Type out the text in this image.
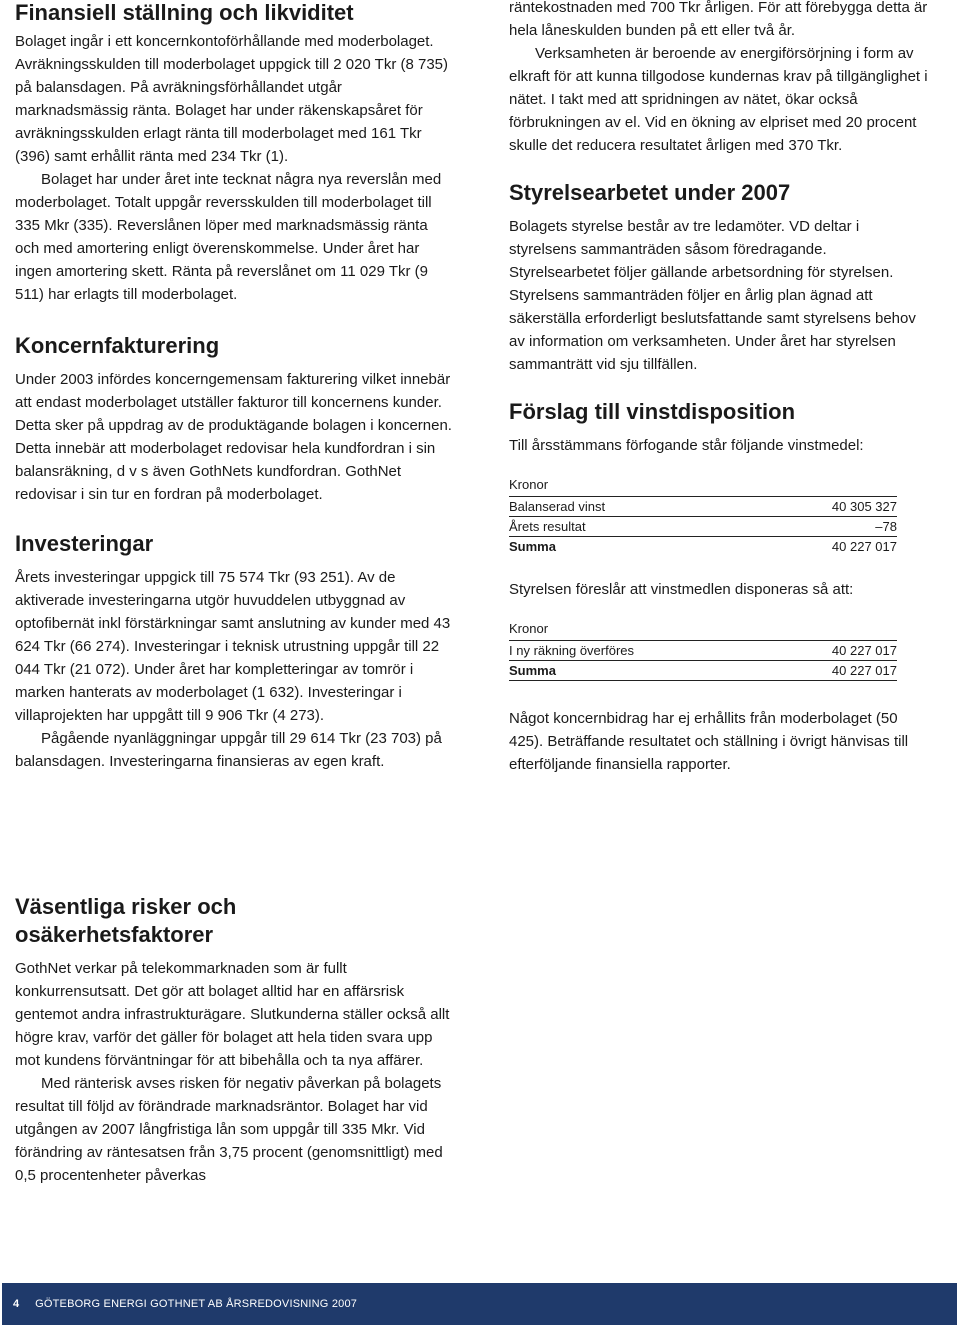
Finansiell ställning och likviditet

Bolaget ingår i ett koncernkontoförhållande med moderbolaget. Avräkningsskulden till moderbolaget uppgick till 2 020 Tkr (8 735) på balansdagen. På avräkningsförhållandet utgår marknadsmässig ränta. Bolaget har under räkenskapsåret för avräkningsskulden erlagt ränta till moderbolaget med 161 Tkr (396) samt erhållit ränta med 234 Tkr (1).

Bolaget har under året inte tecknat några nya reverslån med moderbolaget. Totalt uppgår reversskulden till moderbolaget till 335 Mkr (335). Reverslånen löper med marknadsmässig ränta och med amortering enligt överenskommelse. Under året har ingen amortering skett. Ränta på reverslånet om 11 029 Tkr (9 511) har erlagts till moderbolaget.

Koncernfakturering

Under 2003 infördes koncerngemensam fakturering vilket innebär att endast moderbolaget utställer fakturor till koncernens kunder. Detta sker på uppdrag av de produktägande bolagen i koncernen. Detta innebär att moderbolaget redovisar hela kundfordran i sin balansräkning, d v s även GothNets kundfordran. GothNet redovisar i sin tur en fordran på moderbolaget.

Investeringar

Årets investeringar uppgick till 75 574 Tkr (93 251). Av de aktiverade investeringarna utgör huvuddelen utbyggnad av optofibernät inkl förstärkningar samt anslutning av kunder med 43 624 Tkr (66 274). Investeringar i teknisk utrustning uppgår till 22 044 Tkr (21 072). Under året har kompletteringar av tomrör i marken hanterats av moderbolaget (1 632). Investeringar i villaprojekten har uppgått till 9 906 Tkr (4 273).

Pågående nyanläggningar uppgår till 29 614 Tkr (23 703) på balansdagen. Investeringarna finansieras av egen kraft.

Väsentliga risker och osäkerhetsfaktorer

GothNet verkar på telekommarknaden som är fullt konkurrensutsatt. Det gör att bolaget alltid har en affärsrisk gentemot andra infrastrukturägare. Slutkunderna ställer också allt högre krav, varför det gäller för bolaget att hela tiden svara upp mot kundens förväntningar för att bibehålla och ta nya affärer.

Med ränterisk avses risken för negativ påverkan på bolagets resultat till följd av förändrade marknadsräntor. Bolaget har vid utgången av 2007 långfristiga lån som uppgår till 335 Mkr. Vid förändring av räntesatsen från 3,75 procent (genomsnittligt) med 0,5 procentenheter påverkas

räntekostnaden med 700 Tkr årligen. För att förebygga detta är hela låneskulden bunden på ett eller två år.

Verksamheten är beroende av energiförsörjning i form av elkraft för att kunna tillgodose kundernas krav på tillgänglighet i nätet. I takt med att spridningen av nätet, ökar också förbrukningen av el. Vid en ökning av elpriset med 20 procent skulle det reducera resultatet årligen med 370 Tkr.

Styrelsearbetet under 2007

Bolagets styrelse består av tre ledamöter. VD deltar i styrelsens sammanträden såsom föredragande. Styrelsearbetet följer gällande arbetsordning för styrelsen. Styrelsens sammanträden följer en årlig plan ägnad att säkerställa erforderligt beslutsfattande samt styrelsens behov av information om verksamheten. Under året har styrelsen sammanträtt vid sju tillfällen.

Förslag till vinstdisposition

Till årsstämmans förfogande står följande vinstmedel:

Kronor	
Balanserad vinst	40 305 327
Årets resultat	–78
Summa	40 227 017

Styrelsen föreslår att vinstmedlen disponeras så att:

Kronor	
I ny räkning överföres	40 227 017
Summa	40 227 017

Något koncernbidrag har ej erhållits från moderbolaget (50 425). Beträffande resultatet och ställning i övrigt hänvisas till efterföljande finansiella rapporter.

4 GÖTEBORG ENERGI GOTHNET AB ÅRSREDOVISNING 2007
